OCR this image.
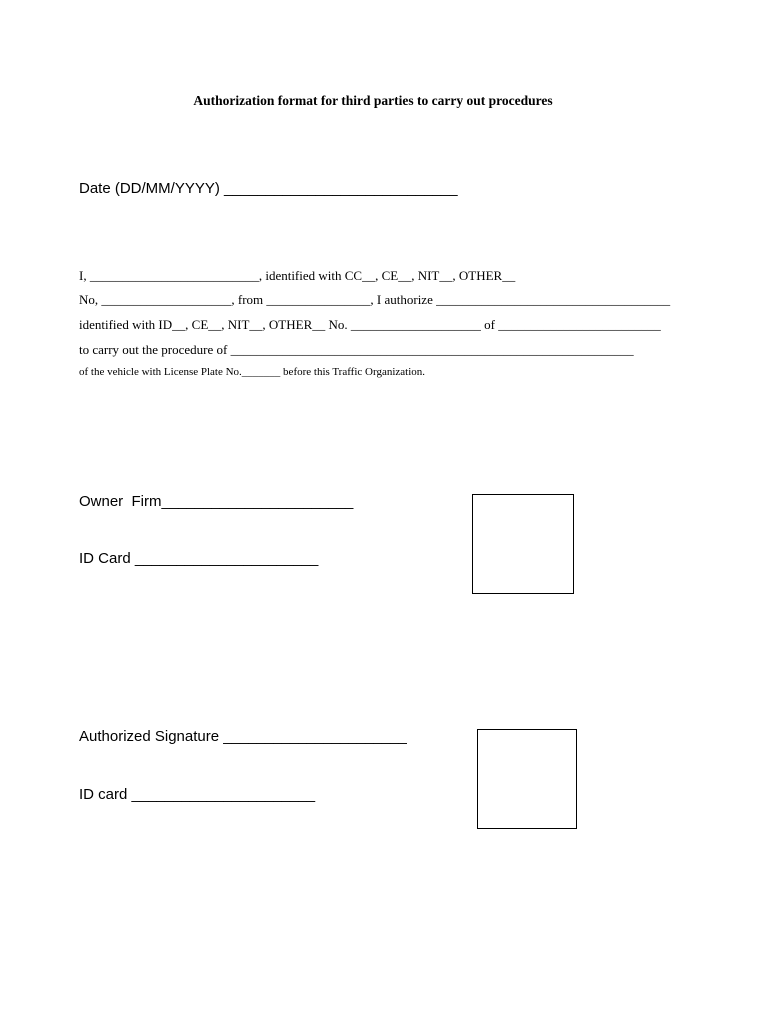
Authorization format for third parties to carry out procedures
Date (DD/MM/YYYY) ____________________________
I, __________________________, identified with CC__, CE__, NIT__, OTHER__
No, ____________________, from ________________, I authorize ____________________________________
identified with ID__, CE__, NIT__, OTHER__ No. ____________________ of _________________________
to carry out the procedure of ______________________________________________________________
of the vehicle with License Plate No._______ before this Traffic Organization.
Owner  Firm_______________________
ID Card ______________________

Authorized Signature ______________________
ID card ______________________
